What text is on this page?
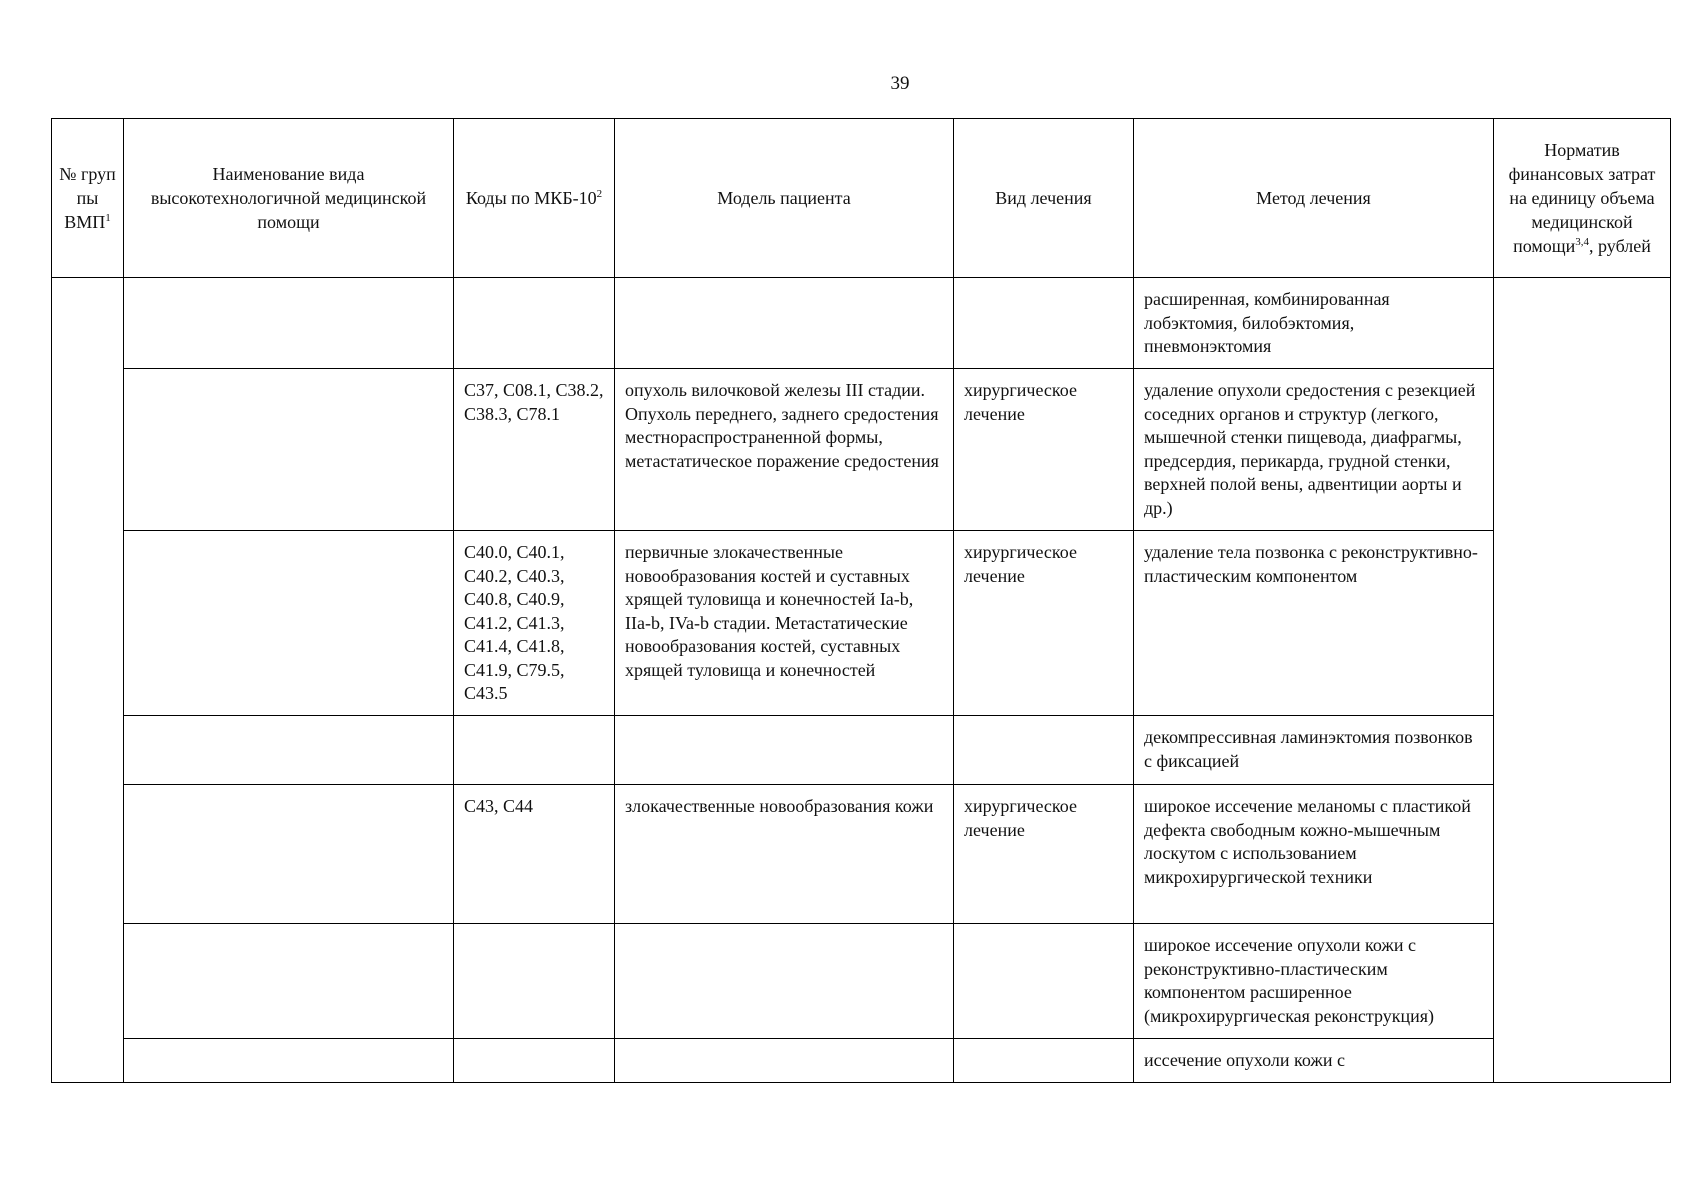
39
№ груп пы ВМП$^1$	Наименование вида высокотехнологичной медицинской помощи	Коды по МКБ-$10^2$	Модель пациента	Вид лечения	Метод лечения	Норматив финансовых затрат на единицу объема медицинской помощи$^{3,4}$, рублей
					расширенная, комбинированная лобэктомия, билобэктомия, пневмонэктомия	
		C37, C08.1, C38.2, C38.3, C78.1	опухоль вилочковой железы III стадии. Опухоль переднего, заднего средостения местнораспространенной формы, метастатическое поражение средостения	хирургическое лечение	удаление опухоли средостения с резекцией соседних органов и структур (легкого, мышечной стенки пищевода, диафрагмы, предсердия, перикарда, грудной стенки, верхней полой вены, адвентиции аорты и др.)	
		C40.0, C40.1, C40.2, C40.3, C40.8, C40.9, C41.2, C41.3, C41.4, C41.8, C41.9, C79.5, C43.5	первичные злокачественные новообразования костей и суставных хрящей туловища и конечностей Ia-b, IIa-b, IVa-b стадии. Метастатические новообразования костей, суставных хрящей туловища и конечностей	хирургическое лечение	удаление тела позвонка с реконструктивно-пластическим компонентом	
					декомпрессивная ламинэктомия позвонков с фиксацией	
		C43, C44	злокачественные новообразования кожи	хирургическое лечение	широкое иссечение меланомы с пластикой дефекта свободным кожно-мышечным лоскутом с использованием микрохирургической техники	
					широкое иссечение опухоли кожи с реконструктивно-пластическим компонентом расширенное (микрохирургическая реконструкция)	
					иссечение опухоли кожи с	
